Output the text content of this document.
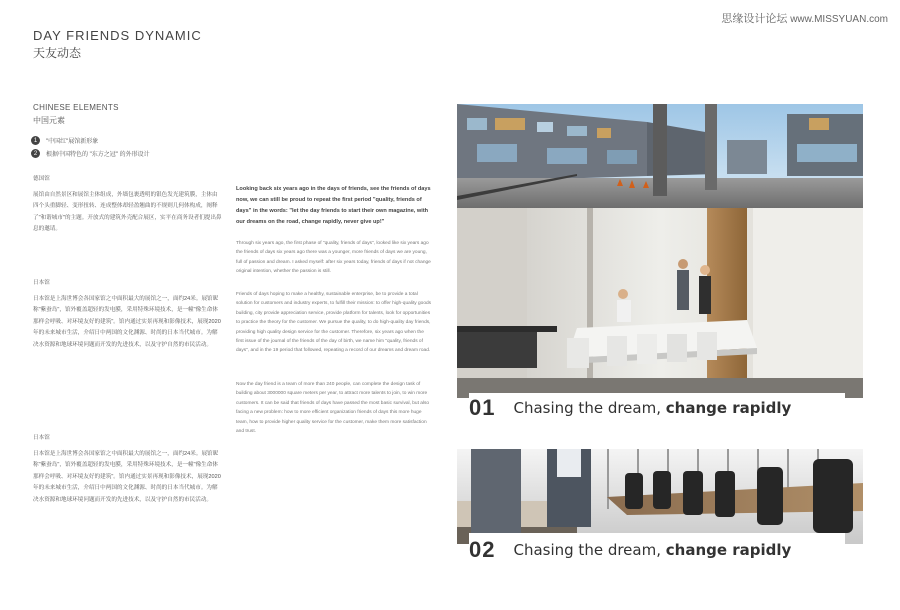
思缘设计论坛 www.MISSYUAN.com
DAY FRIENDS DYNAMIC
天友动态
CHINESE ELEMENTS
中国元素
1	"中国红"展馆新形象
2	根据中国特色的 "东方之冠" 的外形设计
德国馆
展馆由自然景区和展馆主体组成，外墙包裹透明的银色发光建筑膜，主体由四个头重脚轻、变形扭转、连成整体却轻盈翘曲的不规则几何体构成，阐释了"和谐城市"的主题。开放式的建筑外壳配合展区，实平在商务设者们提出鼻息的邀请。
日本馆
日本馆是上海世博会各国家馆之中面积最大的展馆之一，面约24米。展馆昵称"紫蚕岛"，馆外覆盖超轻的发电膜，采用特殊环境技术，是一幢"像生命体那样会呼吸、对环境友好的建筑"。馆内通过实景再现和影像技术，展现2020年的未来城市生活，介绍日中两国的文化渊源、时尚的日本当代城市。为解决水资源和地球环境问题而开发的先进技术，以及守护自然的市民活动。
日本馆
日本馆是上海世博会各国家馆之中面积最大的展馆之一，面约24米。展馆昵称"紫蚕岛"，馆外覆盖超轻的发电膜，采用特殊环境技术，是一幢"像生命体那样会呼吸、对环境友好的建筑"。馆内通过实景再现和影像技术，展现2020年的未来城市生活，介绍日中两国的文化渊源、时尚的日本当代城市。为解决水资源和地球环境问题而开发的先进技术，以及守护自然的市民活动。
Looking back six years ago in the days of friends, see the friends of days now, we can still be proud to repeat the first period "quality, friends of days" in the words: "let the day friends to start their own magazine, with our dreams on the road, change rapidly, never give up!"
Through six years ago, the first phase of "quality, friends of days", looked like six years ago the friends of days six years ago there was a younger, more friends of days we are young, full of passion and dream. I asked myself: after six years today, friends of days if not change original intention, whether the passion is still.
Friends of days hoping to make a healthy, sustainable enterprise, be to provide a total solution for customers and industry experts, to fulfill their mission: to offer high-quality goods building, city provide appreciation service, provide platform for talents, look for opportunities to practice the theory for the customer. We pursue the quality, to do high-quality day friends, providing high quality design service for the customer. Therefore, six years ago when the first issue of the journal of the friends of the day of birth, we name him "quality, friends of days", and in the 19 period that followed, repeating a record of our dreams and dream road.
Now the day friend is a team of more than 240 people, can complete the design task of building about 3000000 square meters per year, to attract more talents to join, to win more customers. It can be said that friends of days have passed the most basic survival, but also facing a new problem: how to more efficient organization friends of days this more huge team, how to provide higher quality service for the customer, make them more satisfaction and trust.
01 Chasing the dream, change rapidly
02 Chasing the dream, change rapidly
